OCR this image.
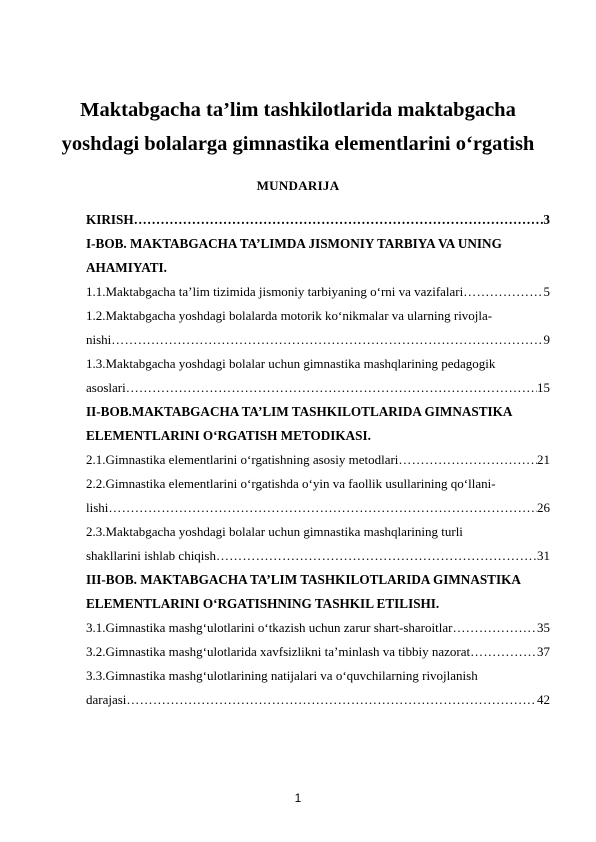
Maktabgacha ta’lim tashkilotlarida maktabgacha
yoshdagi bolalarga gimnastika elementlarini o‘rgatish
MUNDARIJA
KIRISH ……………………………………………………………………………………………………………………………………………………	3
I-BOB. MAKTABGACHA TA’LIMDA JISMONIY TARBIYA VA UNING
AHAMIYATI.
1.1.Maktabgacha ta’lim tizimida jismoniy tarbiyaning o‘rni va vazifalari ……………………………………………………………………………………………………………………………………………………	5
1.2.Maktabgacha yoshdagi bolalarda motorik ko‘nikmalar va ularning rivojla-
nishi ……………………………………………………………………………………………………………………………………………………	9
1.3.Maktabgacha yoshdagi bolalar uchun gimnastika mashqlarining pedagogik
asoslari ……………………………………………………………………………………………………………………………………………………	15
II-BOB.MAKTABGACHA TA’LIM TASHKILOTLARIDA GIMNASTIKA
ELEMENTLARINI O‘RGATISH METODIKASI.
2.1.Gimnastika elementlarini o‘rgatishning asosiy metodlari ……………………………………………………………………………………………………………………………………………………	21
2.2.Gimnastika elementlarini o‘rgatishda o‘yin va faollik usullarining qo‘llani-
lishi ……………………………………………………………………………………………………………………………………………………	26
2.3.Maktabgacha yoshdagi bolalar uchun gimnastika mashqlarining turli
shakllarini ishlab chiqish ……………………………………………………………………………………………………………………………………………………	31
III-BOB. MAKTABGACHA TA’LIM TASHKILOTLARIDA GIMNASTIKA
ELEMENTLARINI O‘RGATISHNING TASHKIL ETILISHI.
3.1.Gimnastika mashg‘ulotlarini o‘tkazish uchun zarur shart-sharoitlar ……………………………………………………………………………………………………………………………………………………	35
3.2.Gimnastika mashg‘ulotlarida xavfsizlikni ta’minlash va tibbiy nazorat ……………………………………………………………………………………………………………………………………………………	37
3.3.Gimnastika mashg‘ulotlarining natijalari va o‘quvchilarning rivojlanish
darajasi ……………………………………………………………………………………………………………………………………………………	42
1
